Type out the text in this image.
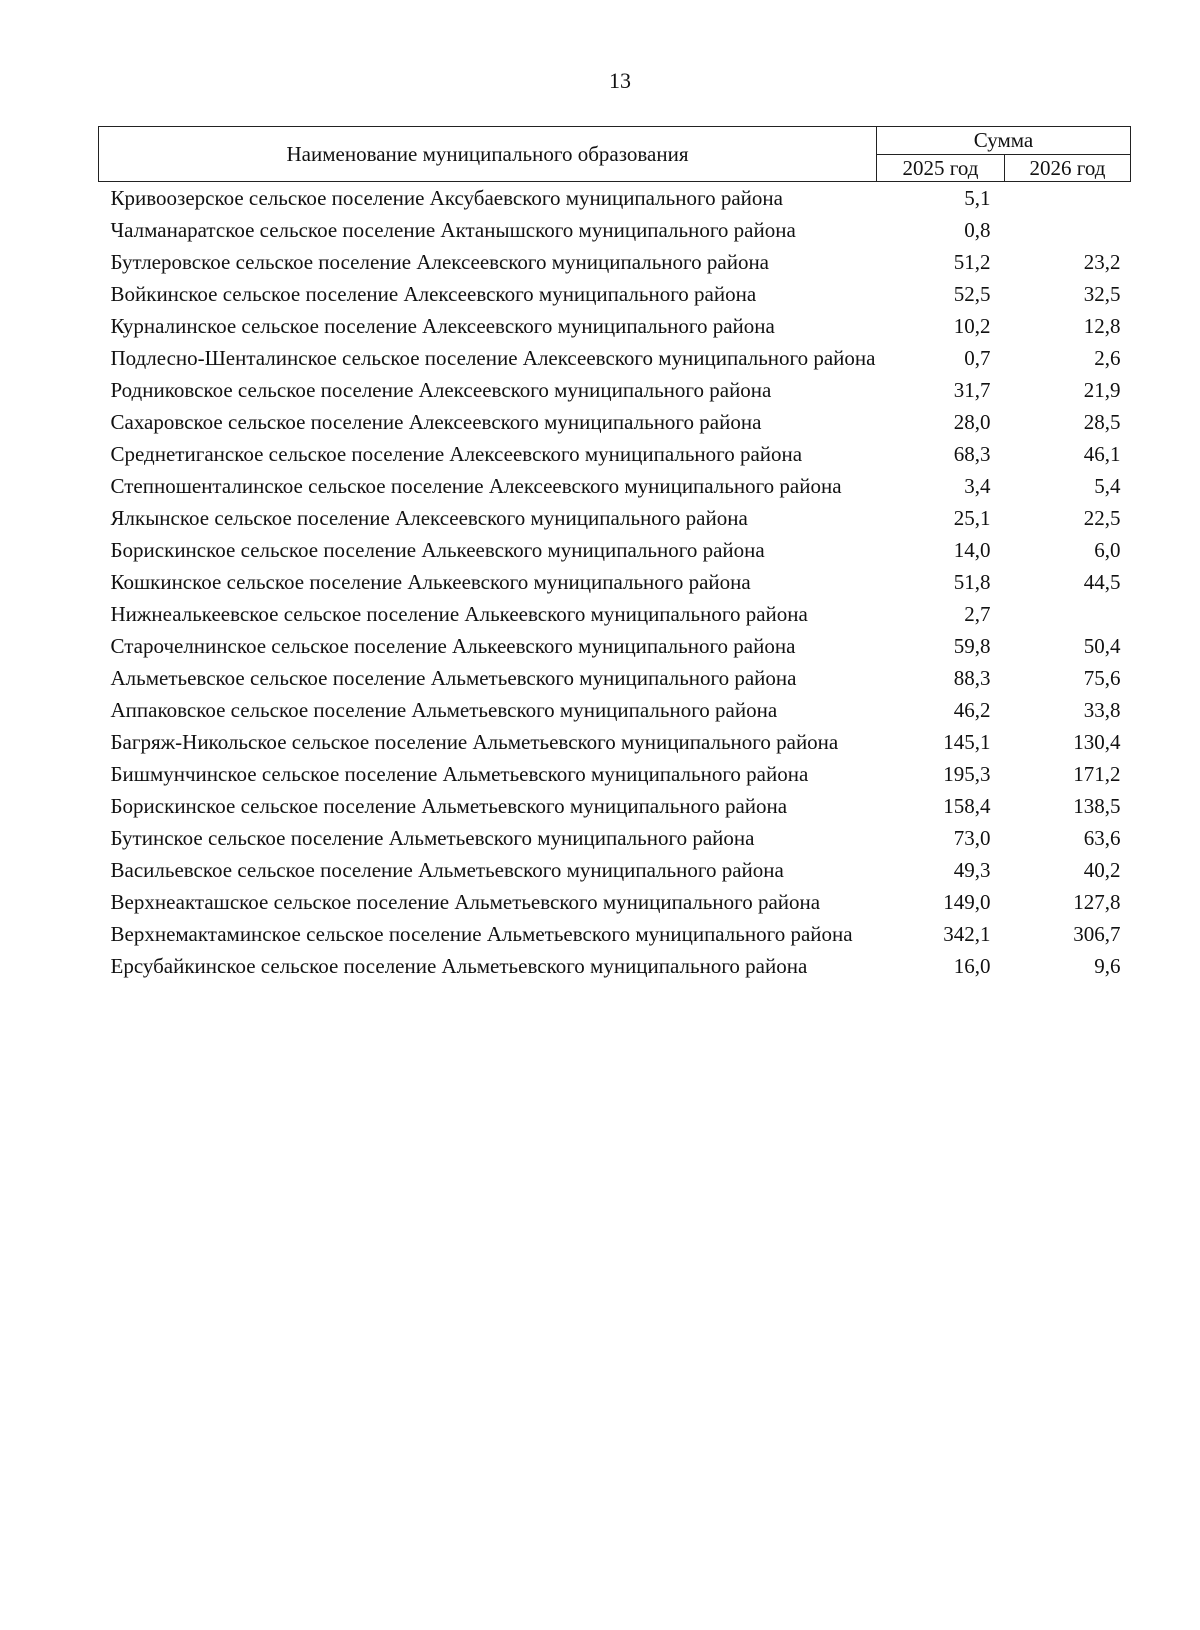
13
Наименование муниципального образования	Сумма	
	2025 год	2026 год
Кривоозерское сельское поселение Аксубаевского муниципального района	5,1	
Чалманаратское сельское поселение Актанышского муниципального района	0,8	
Бутлеровское сельское поселение Алексеевского муниципального района	51,2	23,2
Войкинское сельское поселение Алексеевского муниципального района	52,5	32,5
Курналинское сельское поселение Алексеевского муниципального района	10,2	12,8
Подлесно-Шенталинское сельское поселение Алексеевского муниципального района	0,7	2,6
Родниковское сельское поселение Алексеевского муниципального района	31,7	21,9
Сахаровское сельское поселение Алексеевского муниципального района	28,0	28,5
Среднетиганское сельское поселение Алексеевского муниципального района	68,3	46,1
Степношенталинское сельское поселение Алексеевского муниципального района	3,4	5,4
Ялкынское сельское поселение Алексеевского муниципального района	25,1	22,5
Борискинское сельское поселение Алькеевского муниципального района	14,0	6,0
Кошкинское сельское поселение Алькеевского муниципального района	51,8	44,5
Нижнеалькеевское сельское поселение Алькеевского муниципального района	2,7	
Старочелнинское сельское поселение Алькеевского муниципального района	59,8	50,4
Альметьевское сельское поселение Альметьевского муниципального района	88,3	75,6
Аппаковское сельское поселение Альметьевского муниципального района	46,2	33,8
Багряж-Никольское сельское поселение Альметьевского муниципального района	145,1	130,4
Бишмунчинское сельское поселение Альметьевского муниципального района	195,3	171,2
Борискинское сельское поселение Альметьевского муниципального района	158,4	138,5
Бутинское сельское поселение Альметьевского муниципального района	73,0	63,6
Васильевское сельское поселение Альметьевского муниципального района	49,3	40,2
Верхнеакташское сельское поселение Альметьевского муниципального района	149,0	127,8
Верхнемактаминское сельское поселение Альметьевского муниципального района	342,1	306,7
Ерсубайкинское сельское поселение Альметьевского муниципального района	16,0	9,6
